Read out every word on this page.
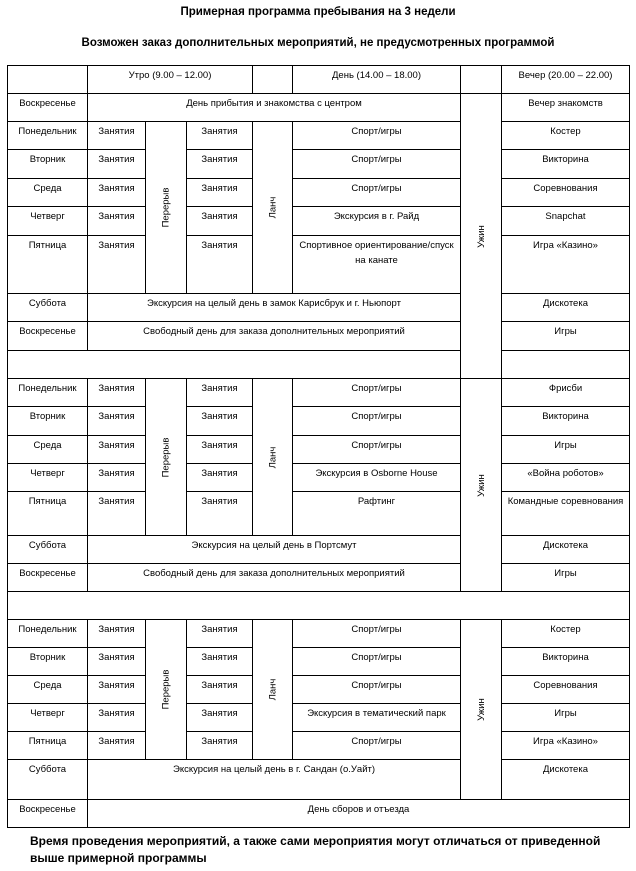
Примерная программа пребывания на 3 недели
Возможен заказ дополнительных мероприятий, не предусмотренных программой
	Утро (9.00 – 12.00)				День (14.00 – 18.00)		Вечер (20.00 – 22.00)
Воскресенье	День прибытия и знакомства с центром					Ужин	Вечер знакомств
Понедельник	Занятия	Перерыв	Занятия	Ланч	Спорт/игры		Костер
Вторник	Занятия		Занятия		Спорт/игры		Викторина
Среда	Занятия		Занятия		Спорт/игры		Соревнования
Четверг	Занятия		Занятия		Экскурсия в г. Райд		Snapchat
Пятница	Занятия		Занятия		Спортивное ориентирование/спуск на канате		Игра «Казино»
Суббота	Экскурсия на целый день в замок Карисбрук и г. Ньюпорт						Дискотека
Воскресенье	Свободный день для заказа дополнительных мероприятий						Игры

Понедельник	Занятия	Перерыв	Занятия	Ланч	Спорт/игры	Ужин	Фрисби
Вторник	Занятия		Занятия		Спорт/игры		Викторина
Среда	Занятия		Занятия		Спорт/игры		Игры
Четверг	Занятия		Занятия		Экскурсия в Osborne House		«Война роботов»
Пятница	Занятия		Занятия		Рафтинг		Командные соревнования
Суббота	Экскурсия на целый день в Портсмут						Дискотека
Воскресенье	Свободный день для заказа дополнительных мероприятий						Игры

Понедельник	Занятия	Перерыв	Занятия	Ланч	Спорт/игры	Ужин	Костер
Вторник	Занятия		Занятия		Спорт/игры		Викторина
Среда	Занятия		Занятия		Спорт/игры		Соревнования
Четверг	Занятия		Занятия		Экскурсия в тематический парк		Игры
Пятница	Занятия		Занятия		Спорт/игры		Игра «Казино»
Суббота	Экскурсия на целый день в г. Сандан (о.Уайт)						Дискотека
Воскресенье	День сборов и отъезда						
Время проведения мероприятий, а также сами мероприятия могут отличаться от приведенной выше примерной программы
